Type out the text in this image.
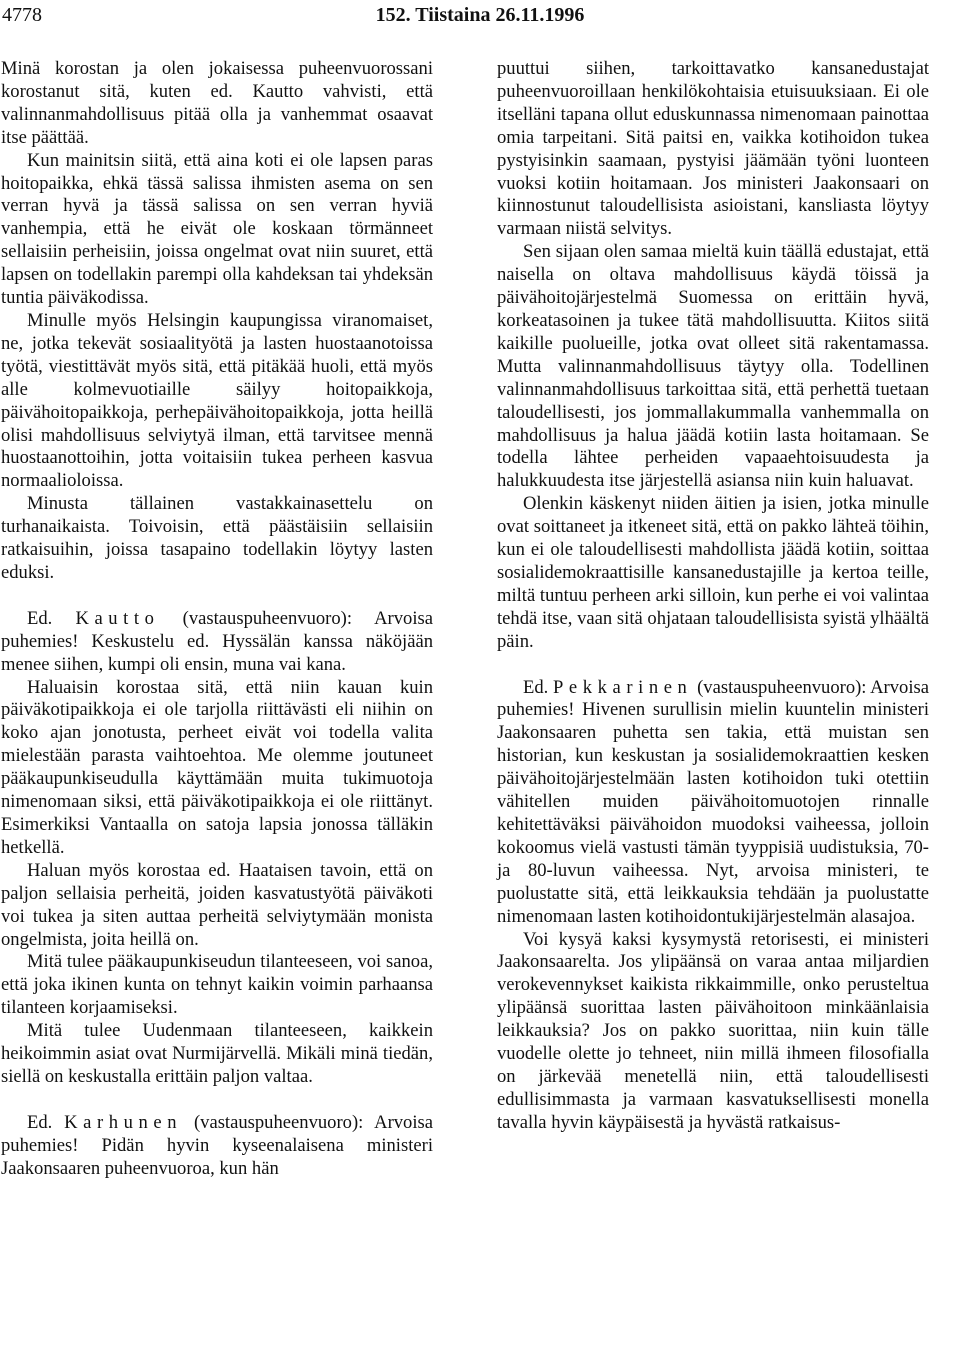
4778	152. Tiistaina 26.11.1996

Minä korostan ja olen jokaisessa puheenvuorossani korostanut sitä, kuten ed. Kautto vahvisti, että valinnanmahdollisuus pitää olla ja vanhemmat osaavat itse päättää.

Kun mainitsin siitä, että aina koti ei ole lapsen paras hoitopaikka, ehkä tässä salissa ihmisten asema on sen verran hyvä ja tässä salissa on sen verran hyviä vanhempia, että he eivät ole koskaan törmänneet sellaisiin perheisiin, joissa ongelmat ovat niin suuret, että lapsen on todellakin parempi olla kahdeksan tai yhdeksän tuntia päiväkodissa.

Minulle myös Helsingin kaupungissa viranomaiset, ne, jotka tekevät sosiaalityötä ja lasten huostaanotoissa työtä, viestittävät myös sitä, että pitäkää huoli, että myös alle kolmevuotiaille säilyy hoitopaikkoja, päivähoitopaikkoja, perhepäivähoitopaikkoja, jotta heillä olisi mahdollisuus selviytyä ilman, että tarvitsee mennä huostaanottoihin, jotta voitaisiin tukea perheen kasvua normaalioloissa.

Minusta tällainen vastakkainasettelu on turhanaikaista. Toivoisin, että päästäisiin sellaisiin ratkaisuihin, joissa tasapaino todellakin löytyy lasten eduksi.

Ed. Kautto (vastauspuheenvuoro): Arvoisa puhemies! Keskustelu ed. Hyssälän kanssa näköjään menee siihen, kumpi oli ensin, muna vai kana.

Haluaisin korostaa sitä, että niin kauan kuin päiväkotipaikkoja ei ole tarjolla riittävästi eli niihin on koko ajan jonotusta, perheet eivät voi todella valita mielestään parasta vaihtoehtoa. Me olemme joutuneet pääkaupunkiseudulla käyttämään muita tukimuotoja nimenomaan siksi, että päiväkotipaikkoja ei ole riittänyt. Esimerkiksi Vantaalla on satoja lapsia jonossa tälläkin hetkellä.

Haluan myös korostaa ed. Haataisen tavoin, että on paljon sellaisia perheitä, joiden kasvatustyötä päiväkoti voi tukea ja siten auttaa perheitä selviytymään monista ongelmista, joita heillä on.

Mitä tulee pääkaupunkiseudun tilanteeseen, voi sanoa, että joka ikinen kunta on tehnyt kaikin voimin parhaansa tilanteen korjaamiseksi.

Mitä tulee Uudenmaan tilanteeseen, kaikkein heikoimmin asiat ovat Nurmijärvellä. Mikäli minä tiedän, siellä on keskustalla erittäin paljon valtaa.

Ed. Karhunen (vastauspuheenvuoro): Arvoisa puhemies! Pidän hyvin kyseenalaisena ministeri Jaakonsaaren puheenvuoroa, kun hän

puuttui siihen, tarkoittavatko kansanedustajat puheenvuoroillaan henkilökohtaisia etuisuuksiaan. Ei ole itselläni tapana ollut eduskunnassa nimenomaan painottaa omia tarpeitani. Sitä paitsi en, vaikka kotihoidon tukea pystyisinkin saamaan, pystyisi jäämään työni luonteen vuoksi kotiin hoitamaan. Jos ministeri Jaakonsaari on kiinnostunut taloudellisista asioistani, kansliasta löytyy varmaan niistä selvitys.

Sen sijaan olen samaa mieltä kuin täällä edustajat, että naisella on oltava mahdollisuus käydä töissä ja päivähoitojärjestelmä Suomessa on erittäin hyvä, korkeatasoinen ja tukee tätä mahdollisuutta. Kiitos siitä kaikille puolueille, jotka ovat olleet sitä rakentamassa. Mutta valinnanmahdollisuus täytyy olla. Todellinen valinnanmahdollisuus tarkoittaa sitä, että perhettä tuetaan taloudellisesti, jos jommallakummalla vanhemmalla on mahdollisuus ja halua jäädä kotiin lasta hoitamaan. Se todella lähtee perheiden vapaaehtoisuudesta ja halukkuudesta itse järjestellä asiansa niin kuin haluavat.

Olenkin käskenyt niiden äitien ja isien, jotka minulle ovat soittaneet ja itkeneet sitä, että on pakko lähteä töihin, kun ei ole taloudellisesti mahdollista jäädä kotiin, soittaa sosialidemokraattisille kansanedustajille ja kertoa teille, miltä tuntuu perheen arki silloin, kun perhe ei voi valintaa tehdä itse, vaan sitä ohjataan taloudellisista syistä ylhäältä päin.

Ed. Pekkarinen (vastauspuheenvuoro): Arvoisa puhemies! Hivenen surullisin mielin kuuntelin ministeri Jaakonsaaren puhetta sen takia, että muistan sen historian, kun keskustan ja sosialidemokraattien kesken päivähoitojärjestelmään lasten kotihoidon tuki otettiin vähitellen muiden päivähoitomuotojen rinnalle kehitettäväksi päivähoidon muodoksi vaiheessa, jolloin kokoomus vielä vastusti tämän tyyppisiä uudistuksia, 70- ja 80-luvun vaiheessa. Nyt, arvoisa ministeri, te puolustatte sitä, että leikkauksia tehdään ja puolustatte nimenomaan lasten kotihoidontukijärjestelmän alasajoa.

Voi kysyä kaksi kysymystä retorisesti, ei ministeri Jaakonsaarelta. Jos ylipäänsä on varaa antaa miljardien verokevennykset kaikista rikkaimmille, onko perusteltua ylipäänsä suorittaa lasten päivähoitoon minkäänlaisia leikkauksia? Jos on pakko suorittaa, niin kuin tälle vuodelle olette jo tehneet, niin millä ihmeen filosofialla on järkevää menetellä niin, että taloudellisesti edullisimmasta ja varmaan kasvatuksellisesti monella tavalla hyvin käypäisestä ja hyvästä ratkaisus-
